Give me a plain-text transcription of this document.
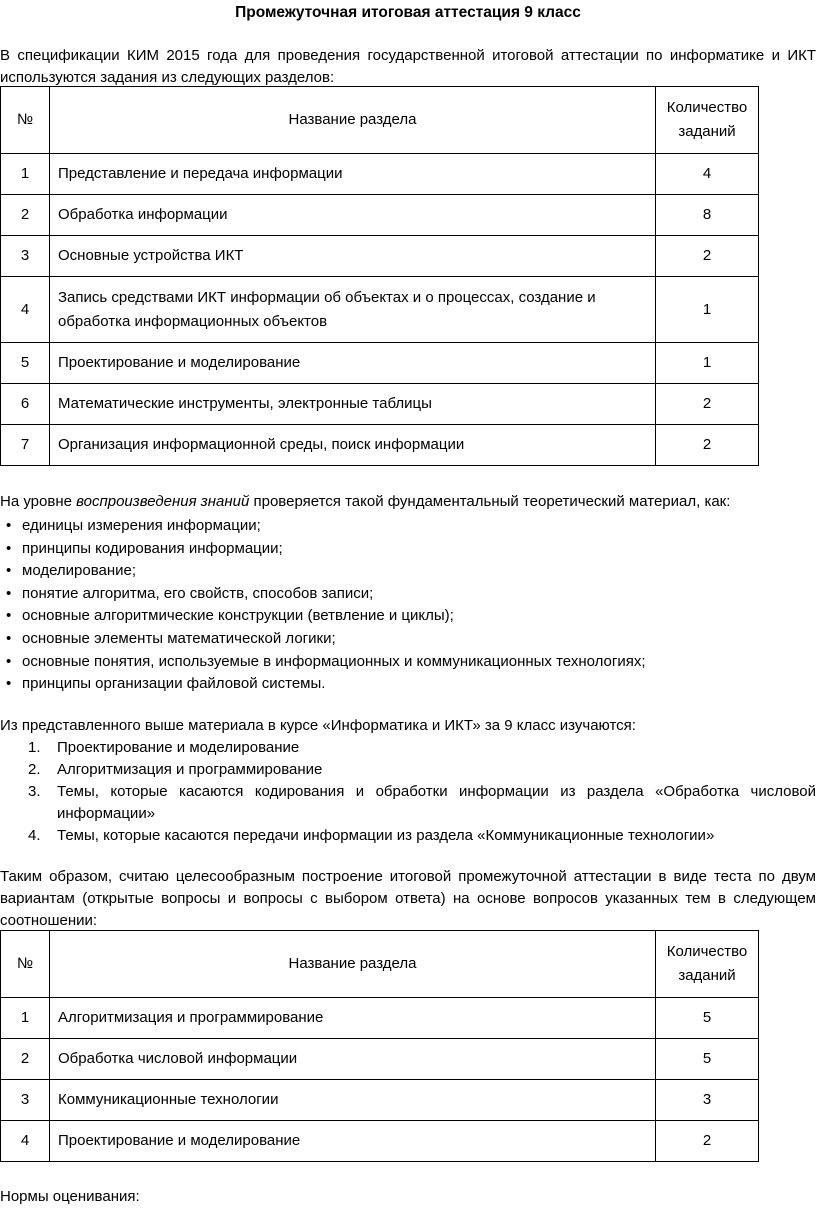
Промежуточная итоговая аттестация 9 класс
В спецификации КИМ 2015 года для проведения государственной итоговой аттестации по информатике и ИКТ используются задания из следующих разделов:
№	Название раздела	Количество заданий
1	Представление и передача информации	4
2	Обработка информации	8
3	Основные устройства ИКТ	2
4	Запись средствами ИКТ информации об объектах и о процессах, создание и обработка информационных объектов	1
5	Проектирование и моделирование	1
6	Математические инструменты, электронные таблицы	2
7	Организация информационной среды, поиск информации	2
На уровне воспроизведения знаний проверяется такой фундаментальный теоретический материал, как:
• единицы измерения информации;
• принципы кодирования информации;
• моделирование;
• понятие алгоритма, его свойств, способов записи;
• основные алгоритмические конструкции (ветвление и циклы);
• основные элементы математической логики;
• основные понятия, используемые в информационных и коммуникационных технологиях;
• принципы организации файловой системы.
Из представленного выше материала в курсе «Информатика и ИКТ» за 9 класс изучаются:
1. Проектирование и моделирование
2. Алгоритмизация и программирование
3. Темы, которые касаются кодирования и обработки информации из раздела «Обработка числовой информации»
4. Темы, которые касаются передачи информации из раздела «Коммуникационные технологии»
Таким образом, считаю целесообразным построение итоговой промежуточной аттестации в виде теста по двум вариантам (открытые вопросы и вопросы с выбором ответа) на основе вопросов указанных тем в следующем соотношении:
№	Название раздела	Количество заданий
1	Алгоритмизация и программирование	5
2	Обработка числовой информации	5
3	Коммуникационные технологии	3
4	Проектирование и моделирование	2
Нормы оценивания:
